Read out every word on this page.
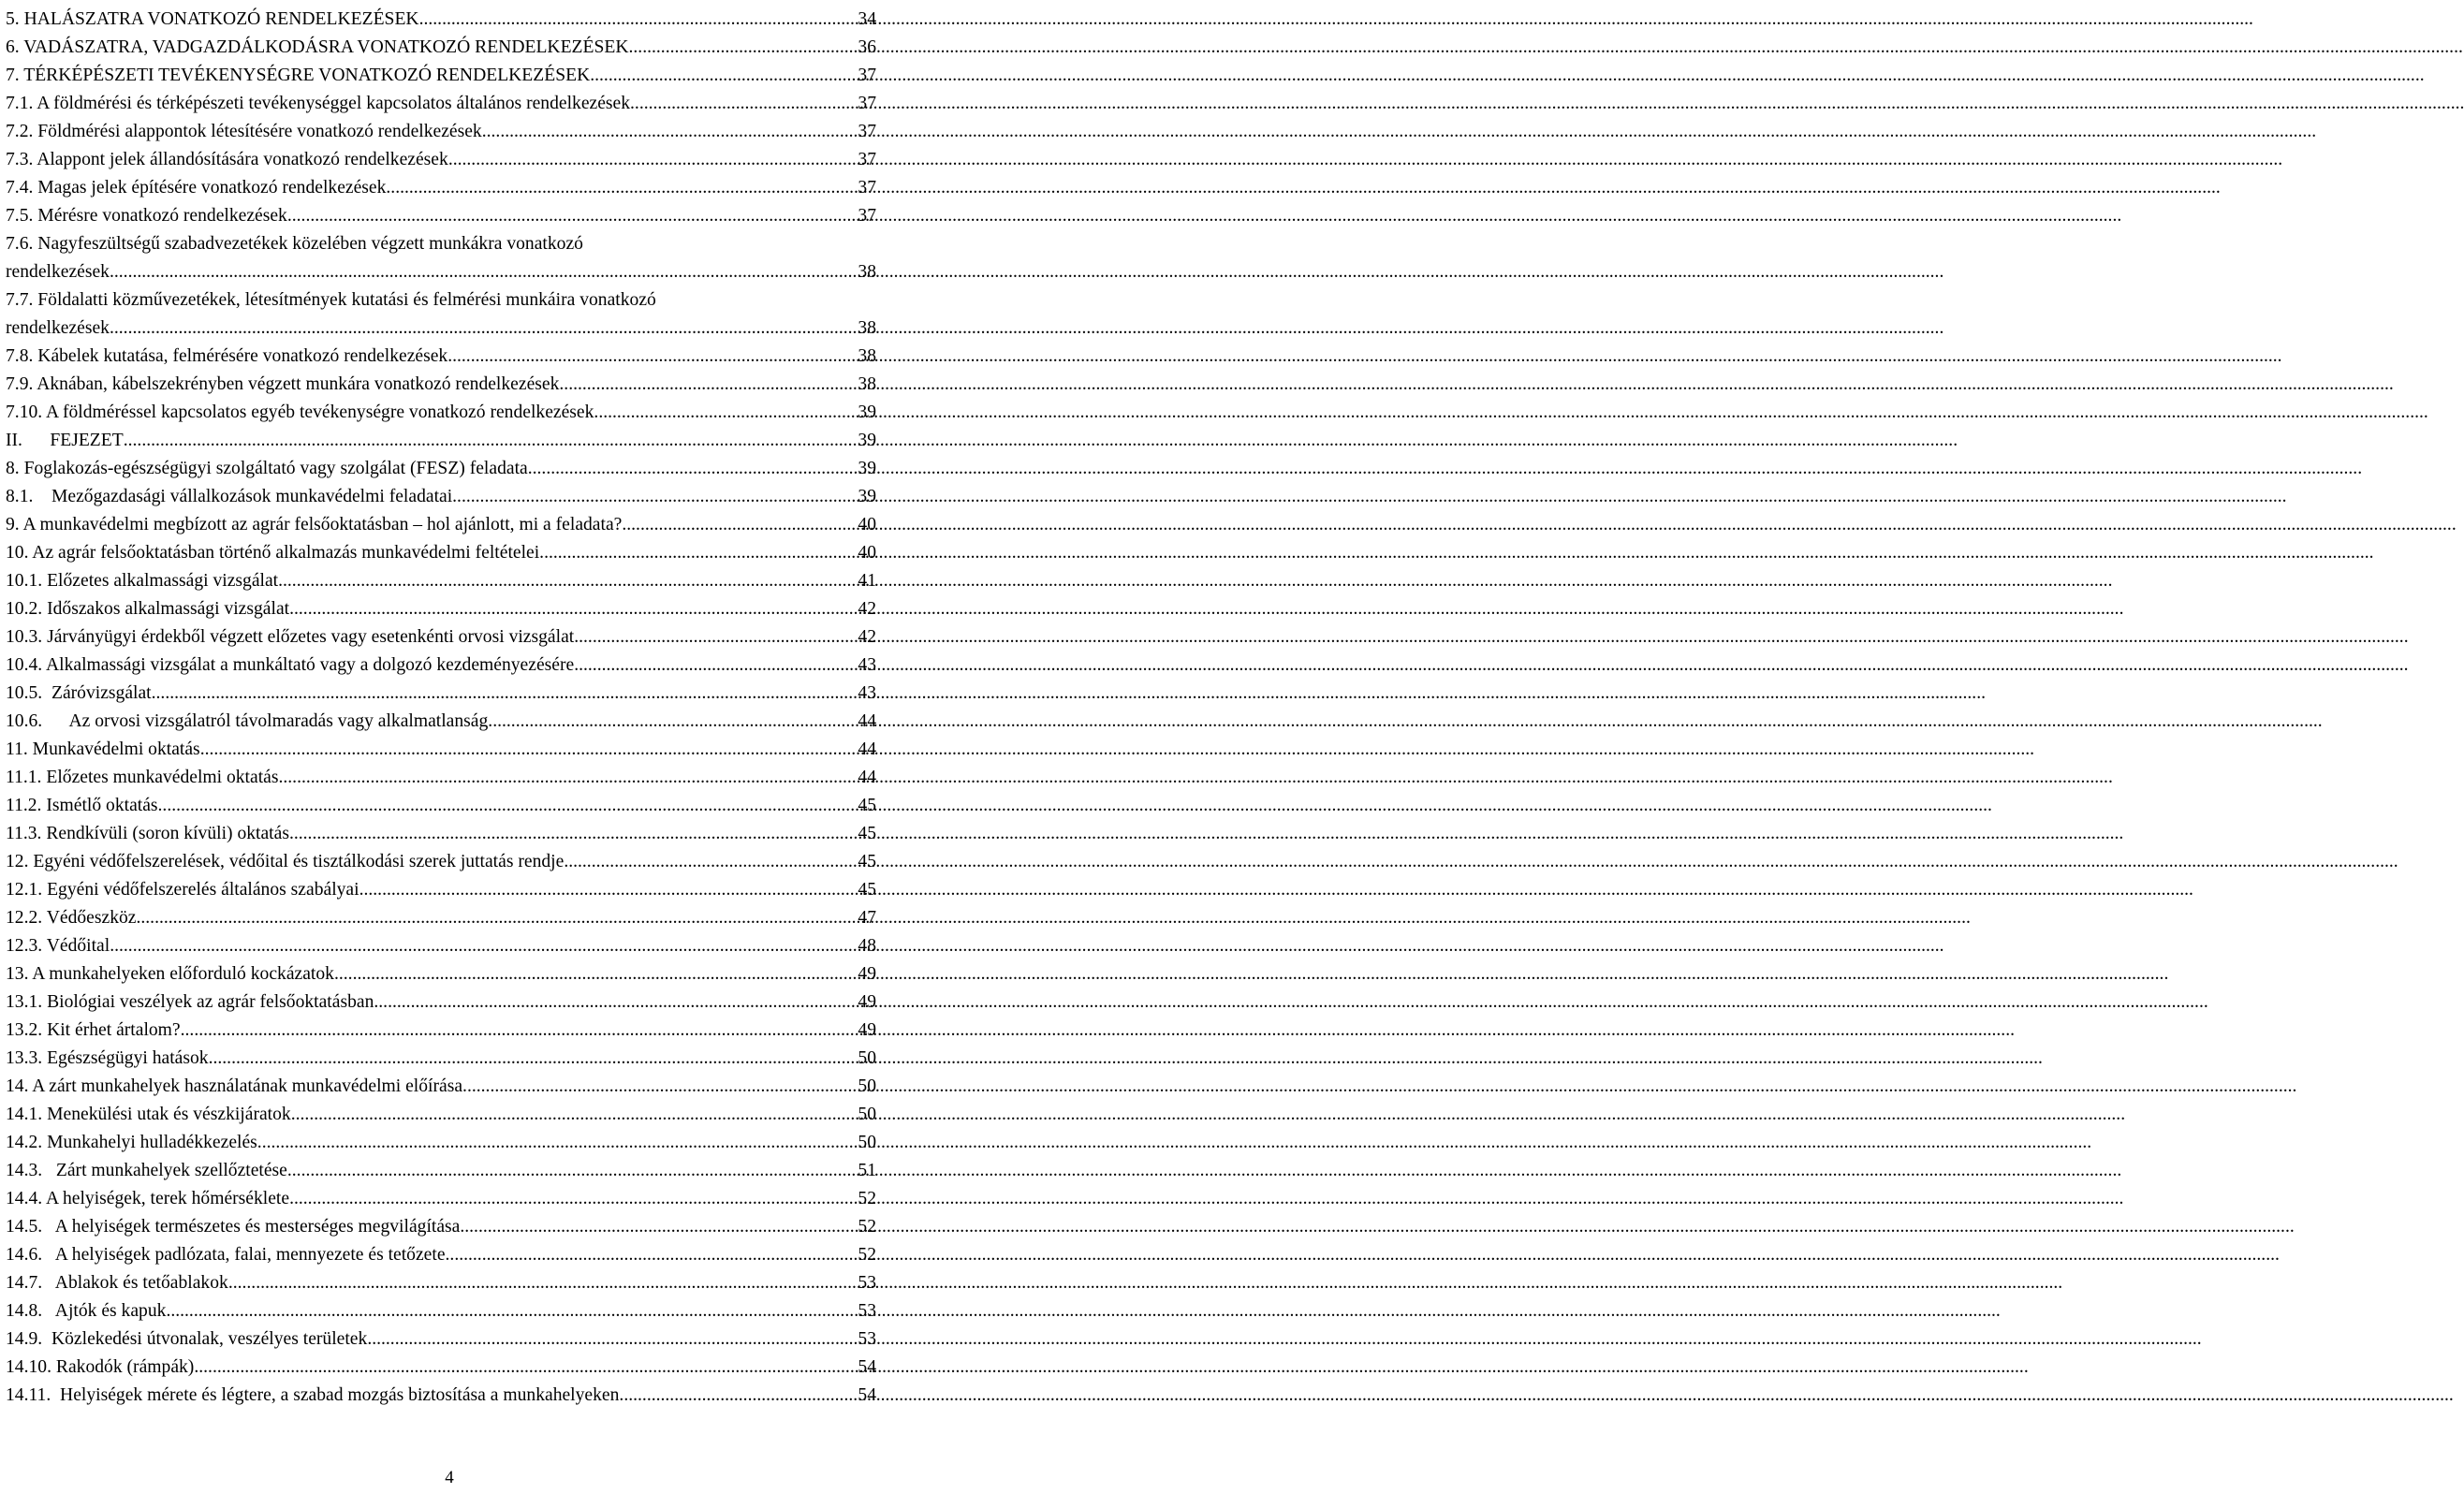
5. HALÁSZATRA VONATKOZÓ RENDELKEZÉSEK .....	34
6. VADÁSZATRA, VADGAZDÁLKODÁSRA VONATKOZÓ RENDELKEZÉSEK .....	36
7. TÉRKÉPÉSZETI TEVÉKENYSÉGRE VONATKOZÓ RENDELKEZÉSEK .....	37
7.1. A földmérési és térképészeti tevékenységgel kapcsolatos általános rendelkezések .....	37
7.2. Földmérési alappontok létesítésére vonatkozó rendelkezések .....	37
7.3. Alappont jelek állandósítására vonatkozó rendelkezések .....	37
7.4. Magas jelek építésére vonatkozó rendelkezések .....	37
7.5. Mérésre vonatkozó rendelkezések .....	37
7.6. Nagyfeszültségű szabadvezetékek közelében végzett munkákra vonatkozó
rendelkezések .....	38
7.7. Földalatti közművezetékek, létesítmények kutatási és felmérési munkáira vonatkozó
rendelkezések .....	38
7.8. Kábelek kutatása, felmérésére vonatkozó rendelkezések .....	38
7.9. Aknában, kábelszekrényben végzett munkára vonatkozó rendelkezések .....	38
7.10. A földméréssel kapcsolatos egyéb tevékenységre vonatkozó rendelkezések .....	39
II.      FEJEZET .....	39
8. Foglakozás-egészségügyi szolgáltató vagy szolgálat (FESZ) feladata .....	39
8.1.    Mezőgazdasági vállalkozások munkavédelmi feladatai .....	39
9. A munkavédelmi megbízott az agrár felsőoktatásban – hol ajánlott, mi a feladata? .....	40
10. Az agrár felsőoktatásban történő alkalmazás munkavédelmi feltételei .....	40
10.1. Előzetes alkalmassági vizsgálat .....	41
10.2. Időszakos alkalmassági vizsgálat .....	42
10.3. Járványügyi érdekből végzett előzetes vagy esetenkénti orvosi vizsgálat .....	42
10.4. Alkalmassági vizsgálat a munkáltató vagy a dolgozó kezdeményezésére .....	43
10.5.  Záróvizsgálat .....	43
10.6.      Az orvosi vizsgálatról távolmaradás vagy alkalmatlanság .....	44
11. Munkavédelmi oktatás .....	44
11.1. Előzetes munkavédelmi oktatás .....	44
11.2. Ismétlő oktatás .....	45
11.3. Rendkívüli (soron kívüli) oktatás .....	45
12. Egyéni védőfelszerelések, védőital és tisztálkodási szerek juttatás rendje .....	45
12.1. Egyéni védőfelszerelés általános szabályai .....	45
12.2. Védőeszköz .....	47
12.3. Védőital .....	48
13. A munkahelyeken előforduló kockázatok .....	49
13.1. Biológiai veszélyek az agrár felsőoktatásban .....	49
13.2. Kit érhet ártalom? .....	49
13.3. Egészségügyi hatások .....	50
14. A zárt munkahelyek használatának munkavédelmi előírása .....	50
14.1. Menekülési utak és vészkijáratok .....	50
14.2. Munkahelyi hulladékkezelés .....	50
14.3.   Zárt munkahelyek szellőztetése .....	51
14.4. A helyiségek, terek hőmérséklete .....	52
14.5.   A helyiségek természetes és mesterséges megvilágítása .....	52
14.6.   A helyiségek padlózata, falai, mennyezete és tetőzete .....	52
14.7.   Ablakok és tetőablakok .....	53
14.8.   Ajtók és kapuk .....	53
14.9.  Közlekedési útvonalak, veszélyes területek .....	53
14.10. Rakodók (rámpák) .....	54
14.11.  Helyiségek mérete és légtere, a szabad mozgás biztosítása a munkahelyeken .....	54
4
